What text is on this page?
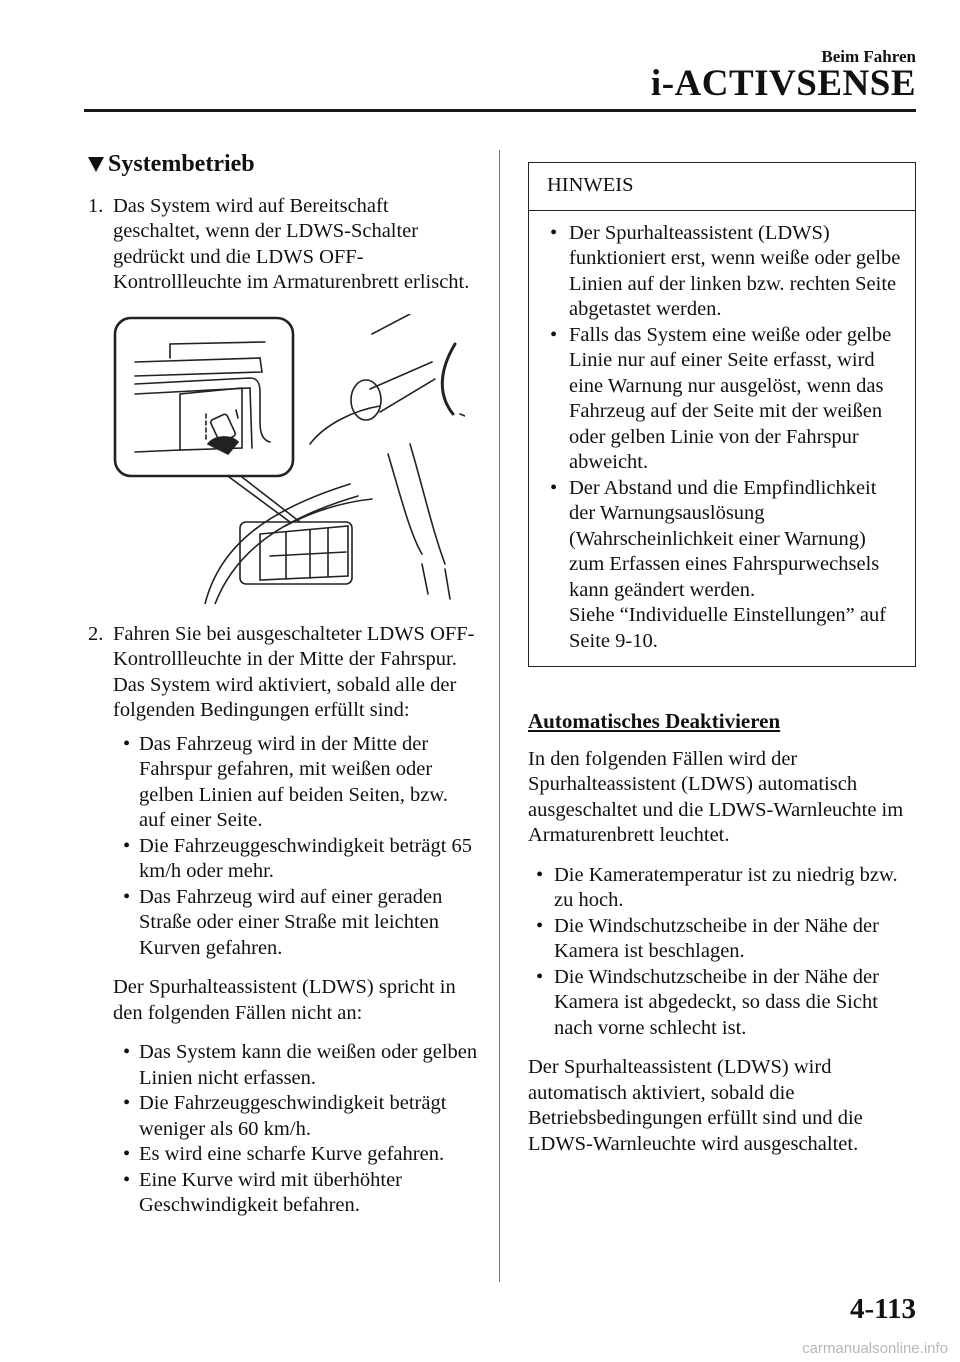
Beim Fahren
i-ACTIVSENSE
Systembetrieb
1. Das System wird auf Bereitschaft geschaltet, wenn der LDWS-Schalter gedrückt und die LDWS OFF-Kontrollleuchte im Armaturenbrett erlischt.
2. Fahren Sie bei ausgeschalteter LDWS OFF-Kontrollleuchte in der Mitte der Fahrspur. Das System wird aktiviert, sobald alle der folgenden Bedingungen erfüllt sind:
• Das Fahrzeug wird in der Mitte der Fahrspur gefahren, mit weißen oder gelben Linien auf beiden Seiten, bzw. auf einer Seite.
• Die Fahrzeuggeschwindigkeit beträgt 65 km/h oder mehr.
• Das Fahrzeug wird auf einer geraden Straße oder einer Straße mit leichten Kurven gefahren.

Der Spurhalteassistent (LDWS) spricht in den folgenden Fällen nicht an:

• Das System kann die weißen oder gelben Linien nicht erfassen.
• Die Fahrzeuggeschwindigkeit beträgt weniger als 60 km/h.
• Es wird eine scharfe Kurve gefahren.
• Eine Kurve wird mit überhöhter Geschwindigkeit befahren.
HINWEIS
• Der Spurhalteassistent (LDWS) funktioniert erst, wenn weiße oder gelbe Linien auf der linken bzw. rechten Seite abgetastet werden.
• Falls das System eine weiße oder gelbe Linie nur auf einer Seite erfasst, wird eine Warnung nur ausgelöst, wenn das Fahrzeug auf der Seite mit der weißen oder gelben Linie von der Fahrspur abweicht.
• Der Abstand und die Empfindlichkeit der Warnungsauslösung (Wahrscheinlichkeit einer Warnung) zum Erfassen eines Fahrspurwechsels kann geändert werden.
Siehe “Individuelle Einstellungen” auf Seite 9-10.
Automatisches Deaktivieren

In den folgenden Fällen wird der Spurhalteassistent (LDWS) automatisch ausgeschaltet und die LDWS-Warnleuchte im Armaturenbrett leuchtet.

• Die Kameratemperatur ist zu niedrig bzw. zu hoch.
• Die Windschutzscheibe in der Nähe der Kamera ist beschlagen.
• Die Windschutzscheibe in der Nähe der Kamera ist abgedeckt, so dass die Sicht nach vorne schlecht ist.

Der Spurhalteassistent (LDWS) wird automatisch aktiviert, sobald die Betriebsbedingungen erfüllt sind und die LDWS-Warnleuchte wird ausgeschaltet.

4-113
carmanualsonline.info
